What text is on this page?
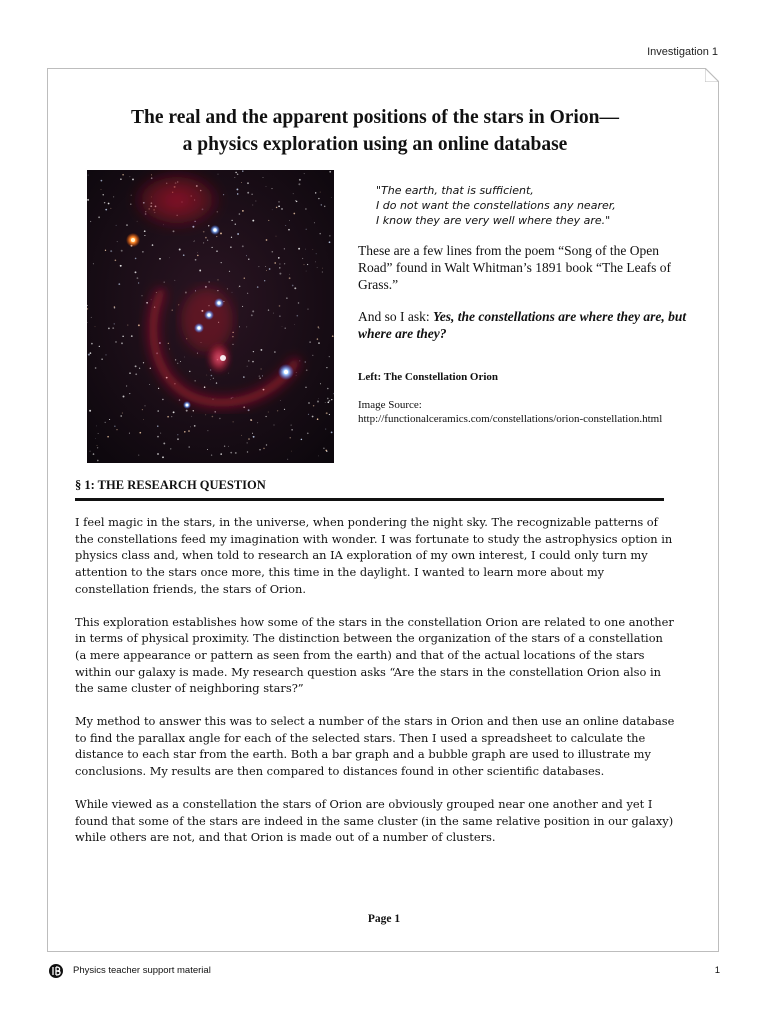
Investigation 1
The real and the apparent positions of the stars in Orion—
a physics exploration using an online database
"The earth, that is sufficient,
I do not want the constellations any nearer,
I know they are very well where they are."

These are a few lines from the poem “Song of the Open Road” found in Walt Whitman’s 1891 book “The Leafs of Grass.”

And so I ask: Yes, the constellations are where they are, but where are they?

Left: The Constellation Orion
Image Source:
http://functionalceramics.com/constellations/orion-constellation.html
§ 1: THE RESEARCH QUESTION

I feel magic in the stars, in the universe, when pondering the night sky. The recognizable patterns of the constellations feed my imagination with wonder. I was fortunate to study the astrophysics option in physics class and, when told to research an IA exploration of my own interest, I could only turn my attention to the stars once more, this time in the daylight. I wanted to learn more about my constellation friends, the stars of Orion.

This exploration establishes how some of the stars in the constellation Orion are related to one another in terms of physical proximity. The distinction between the organization of the stars of a constellation (a mere appearance or pattern as seen from the earth) and that of the actual locations of the stars within our galaxy is made. My research question asks “Are the stars in the constellation Orion also in the same cluster of neighboring stars?”

My method to answer this was to select a number of the stars in Orion and then use an online database to find the parallax angle for each of the selected stars. Then I used a spreadsheet to calculate the distance to each star from the earth. Both a bar graph and a bubble graph are used to illustrate my conclusions. My results are then compared to distances found in other scientific databases.

While viewed as a constellation the stars of Orion are obviously grouped near one another and yet I found that some of the stars are indeed in the same cluster (in the same relative position in our galaxy) while others are not, and that Orion is made out of a number of clusters.

Page 1
Physics teacher support material	1
